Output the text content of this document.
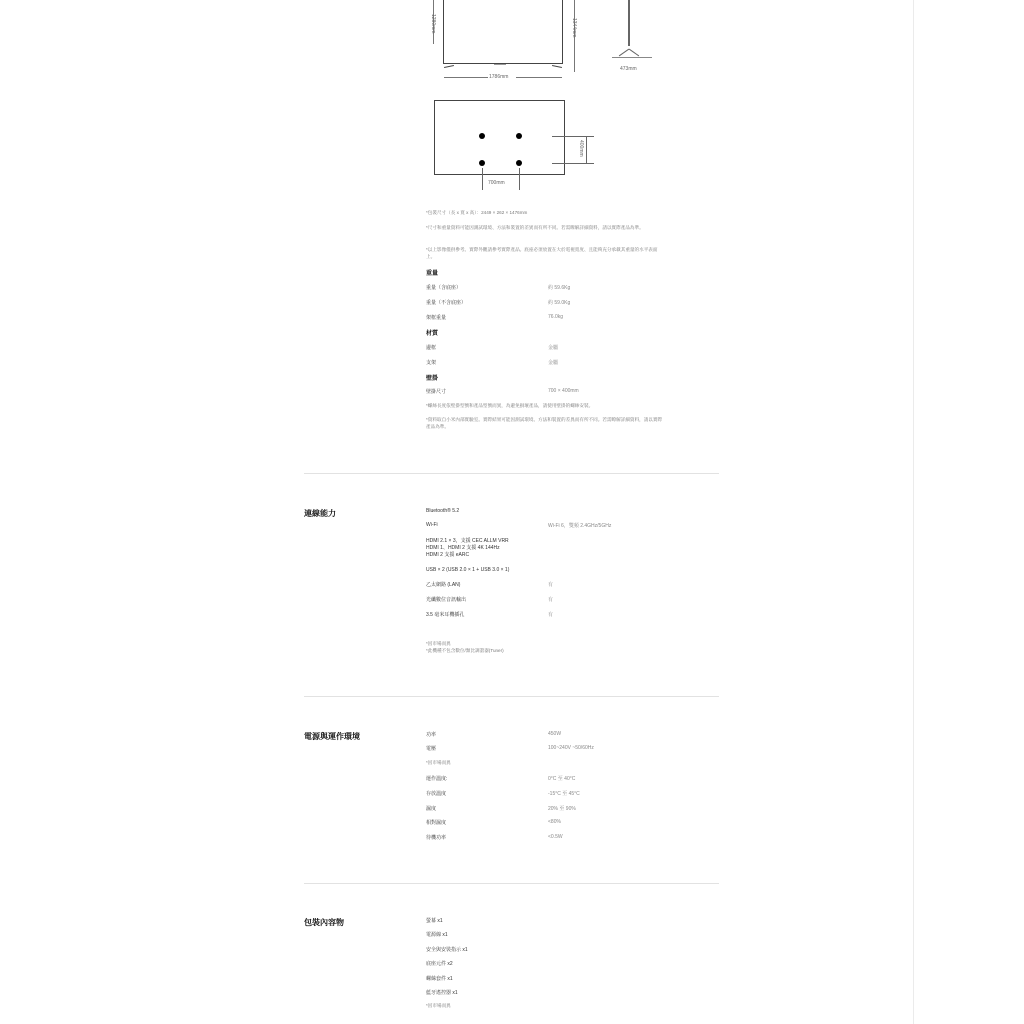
1280mm	1344mm
1786mm
473mm
400mm
700mm
*包裝尺寸（長 x 寬 x 高）：2449 × 262 × 1476mm
*尺寸和重量資料可能因測試環境、方法和裝置的差異而有所不同。若需瞭解詳細資料，請以實際產品為準。
*以上影像僅供參考。實際外觀請參考實際產品。底座必須放置在大於電視寬度、且能夠充分承載其重量的水平表面上。
重量
重量（含底座）	約 59.6Kg
重量（不含底座）	約 59.0Kg
架框重量	76.0kg
材質
邊框	金屬
支架	金屬
壁掛
壁掛尺寸	700 × 400mm
*螺絲長度依壁掛型號和產品型號而異，為避免損壞產品，請使用壁掛的螺絲安裝。
*資料取自小米內部實驗室。實際結果可能因測試環境、方法和裝置的差異而有所不同。若需瞭解詳細資料，請以實際產品為準。
連線能力	Bluetooth® 5.2
Wi-Fi	Wi-Fi 6，雙頻 2.4GHz/5GHz
HDMI 2.1 × 3，支援 CEC ALLM VRR
HDMI 1、HDMI 2 支援 4K 144Hz
HDMI 2 支援 eARC
USB × 2 (USB 2.0 × 1 + USB 3.0 × 1)
乙太網路 (LAN)	有
光纖數位音訊輸出	有
3.5 毫米耳機插孔	有
*因市場而異
*此機種不包含數位/類比調諧器(Tuner)
電源與運作環境	功率	450W
電壓	100~240V ~50/60Hz
*因市場而異
運作溫度:	0°C 至 40°C
存放溫度	-15°C 至 45°C
濕度	20% 至 90%
相對濕度	<80%
待機功率	<0.5W
包裝內容物	螢幕 x1
電源線 x1
安全與安裝指示 x1
底座元件 x2
螺絲套件 x1
藍牙遙控器 x1
*因市場而異
